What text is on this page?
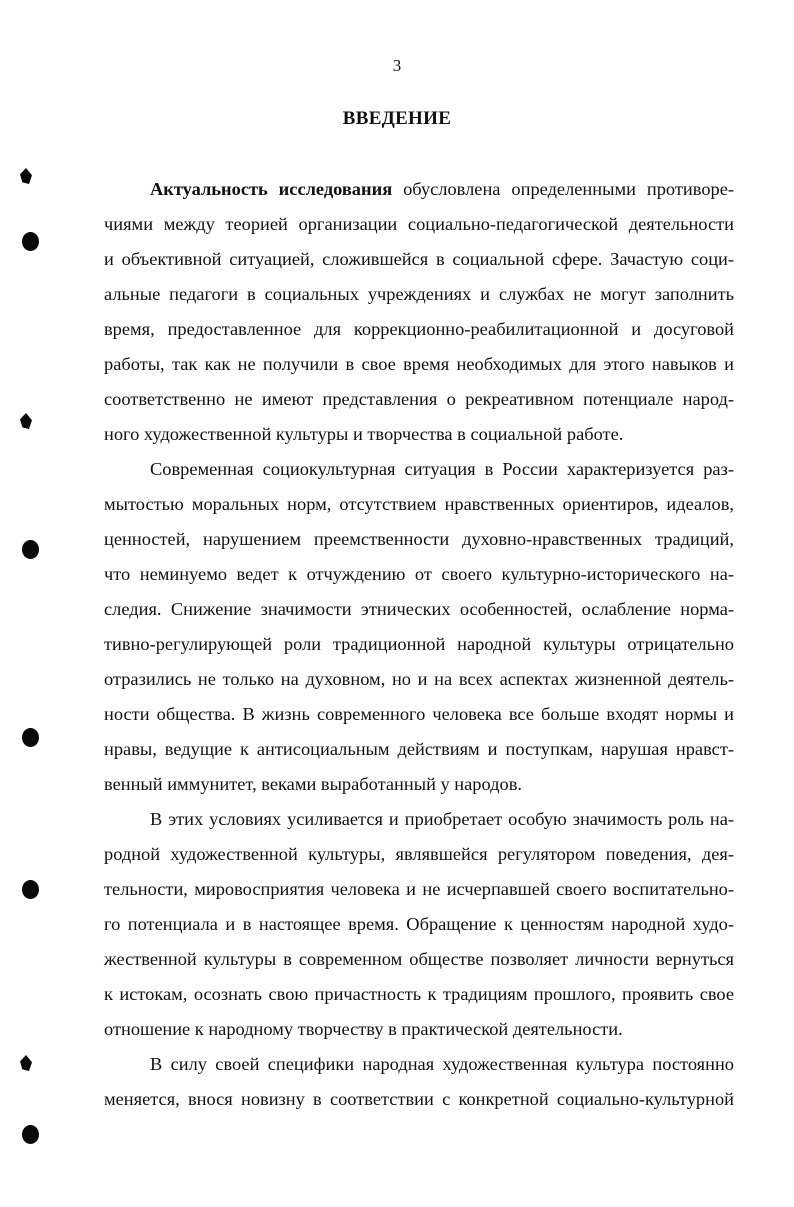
3
ВВЕДЕНИЕ
Актуальность исследования обусловлена определенными противоре-
чиями между теорией организации социально-педагогической деятельности
и объективной ситуацией, сложившейся в социальной сфере. Зачастую соци-
альные педагоги в социальных учреждениях и службах не могут заполнить
время, предоставленное для коррекционно-реабилитационной и досуговой
работы, так как не получили в свое время необходимых для этого навыков и
соответственно не имеют представления о рекреативном потенциале народ-
ного художественной культуры и творчества в социальной работе.
Современная социокультурная ситуация в России характеризуется раз-
мытостью моральных норм, отсутствием нравственных ориентиров, идеалов,
ценностей, нарушением преемственности духовно-нравственных традиций,
что неминуемо ведет к отчуждению от своего культурно-исторического на-
следия. Снижение значимости этнических особенностей, ослабление норма-
тивно-регулирующей роли традиционной народной культуры отрицательно
отразились не только на духовном, но и на всех аспектах жизненной деятель-
ности общества. В жизнь современного человека все больше входят нормы и
нравы, ведущие к антисоциальным действиям и поступкам, нарушая нравст-
венный иммунитет, веками выработанный у народов.
В этих условиях усиливается и приобретает особую значимость роль на-
родной художественной культуры, являвшейся регулятором поведения, дея-
тельности, мировосприятия человека и не исчерпавшей своего воспитательно-
го потенциала и в настоящее время. Обращение к ценностям народной худо-
жественной культуры в современном обществе позволяет личности вернуться
к истокам, осознать свою причастность к традициям прошлого, проявить свое
отношение к народному творчеству в практической деятельности.
В силу своей специфики народная художественная культура постоянно
меняется, внося новизну в соответствии с конкретной социально-культурной
